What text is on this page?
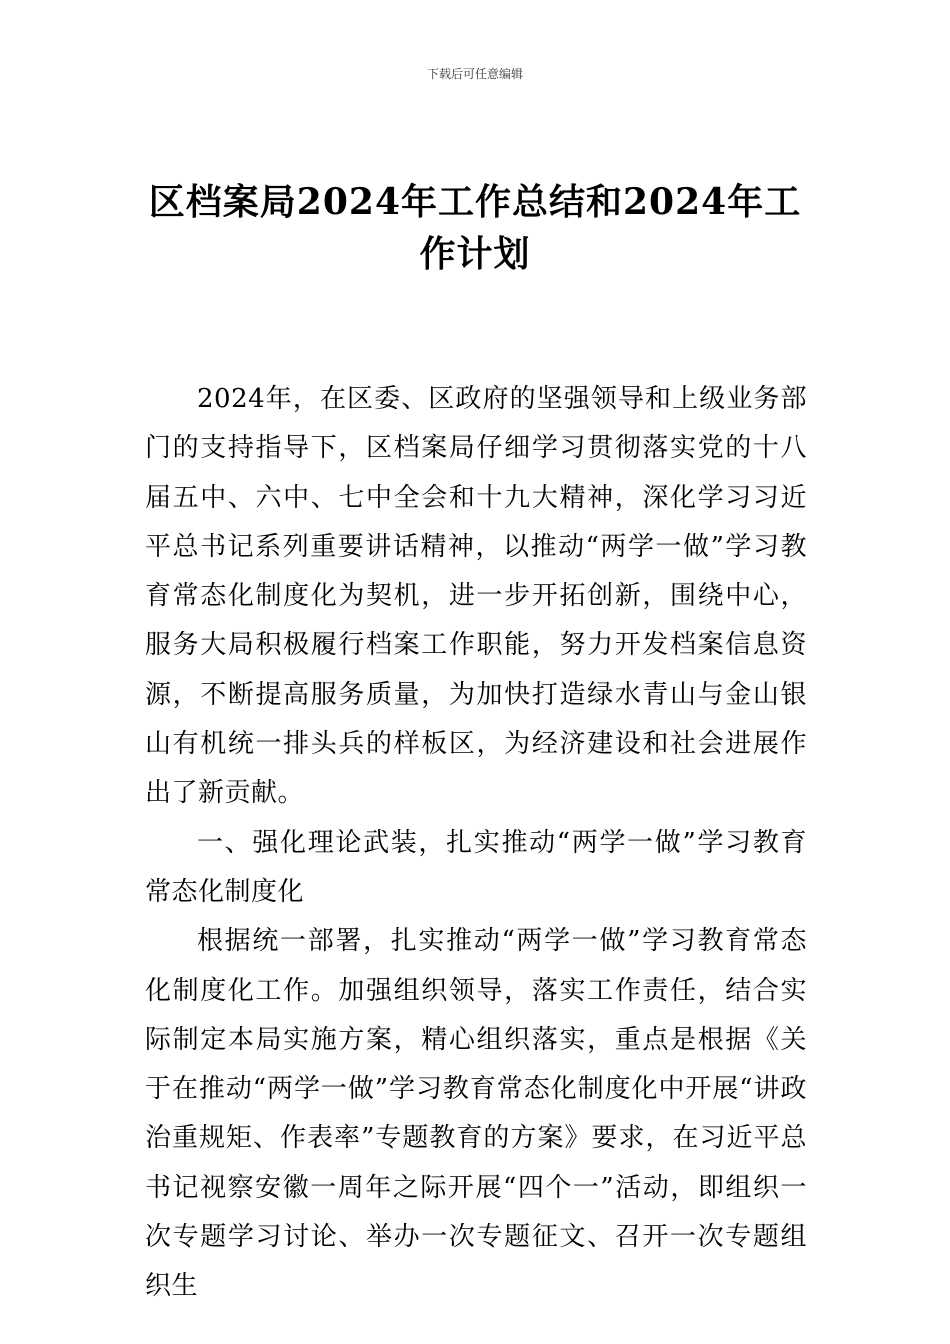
下载后可任意编辑
区档案局2024年工作总结和2024年工作计划

2024年，在区委、区政府的坚强领导和上级业务部门的支持指导下，区档案局仔细学习贯彻落实党的十八届五中、六中、七中全会和十九大精神，深化学习习近平总书记系列重要讲话精神，以推动“两学一做”学习教育常态化制度化为契机，进一步开拓创新，围绕中心，服务大局积极履行档案工作职能，努力开发档案信息资源，不断提高服务质量，为加快打造绿水青山与金山银山有机统一排头兵的样板区，为经济建设和社会进展作出了新贡献。

一、强化理论武装，扎实推动“两学一做”学习教育常态化制度化

根据统一部署，扎实推动“两学一做”学习教育常态化制度化工作。加强组织领导，落实工作责任，结合实际制定本局实施方案，精心组织落实，重点是根据《关于在推动“两学一做”学习教育常态化制度化中开展“讲政治重规矩、作表率”专题教育的方案》要求，在习近平总书记视察安徽一周年之际开展“四个一”活动，即组织一次专题学习讨论、举办一次专题征文、召开一次专题组织生
